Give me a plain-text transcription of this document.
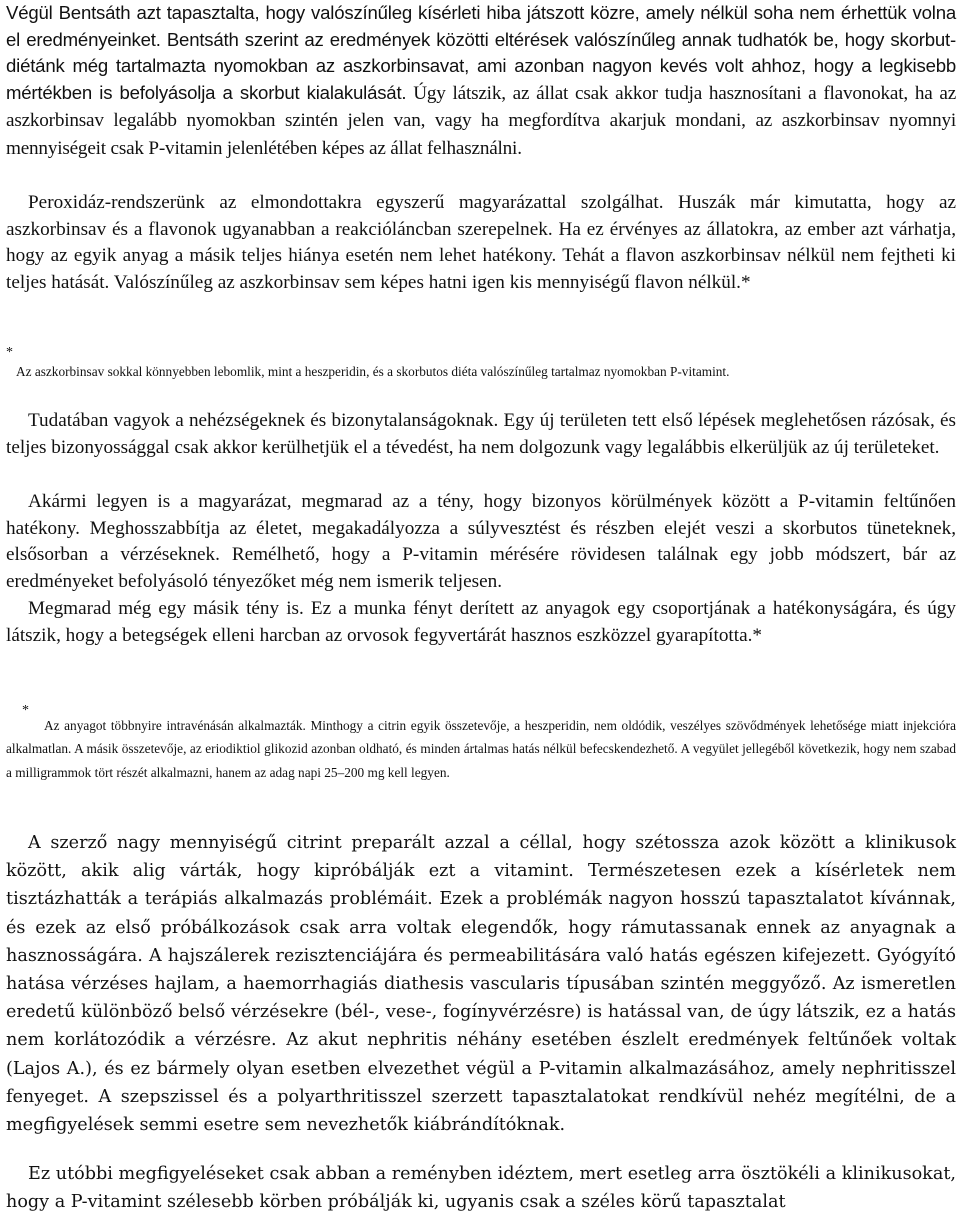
Végül Bentsáth azt tapasztalta, hogy valószínűleg kísérleti hiba játszott közre, amely nélkül soha nem érhettük volna el eredményeinket. Bentsáth szerint az eredmények közötti eltérések valószínűleg annak tudhatók be, hogy skorbut-diétánk még tartalmazta nyomokban az aszkorbinsavat, ami azonban nagyon kevés volt ahhoz, hogy a legkisebb mértékben is befolyásolja a skorbut kialakulását. Úgy látszik, az állat csak akkor tudja hasznosítani a flavonokat, ha az aszkorbinsav legalább nyomokban szintén jelen van, vagy ha megfordítva akarjuk mondani, az aszkorbinsav nyomnyi mennyiségeit csak P-vitamin jelenlétében képes az állat felhasználni.

Peroxidáz-rendszerünk az elmondottakra egyszerű magyarázattal szolgálhat. Huszák már kimutatta, hogy az aszkorbinsav és a flavonok ugyanabban a reakcióláncban szerepelnek. Ha ez érvényes az állatokra, az ember azt várhatja, hogy az egyik anyag a másik teljes hiánya esetén nem lehet hatékony. Tehát a flavon aszkorbinsav nélkül nem fejtheti ki teljes hatását. Valószínűleg az aszkorbinsav sem képes hatni igen kis mennyiségű flavon nélkül.*

*
Az aszkorbinsav sokkal könnyebben lebomlik, mint a heszperidin, és a skorbutos diéta valószínűleg tartalmaz nyomokban P-vitamint.

Tudatában vagyok a nehézségeknek és bizonytalanságoknak. Egy új területen tett első lépések meglehetősen rázósak, és teljes bizonyossággal csak akkor kerülhetjük el a tévedést, ha nem dolgozunk vagy legalábbis elkerüljük az új területeket.

Akármi legyen is a magyarázat, megmarad az a tény, hogy bizonyos körülmények között a P-vitamin feltűnően hatékony. Meghosszabbítja az életet, megakadályozza a súlyvesztést és részben elejét veszi a skorbutos tüneteknek, elsősorban a vérzéseknek. Remélhető, hogy a P-vitamin mérésére rövidesen találnak egy jobb módszert, bár az eredményeket befolyásoló tényezőket még nem ismerik teljesen.

Megmarad még egy másik tény is. Ez a munka fényt derített az anyagok egy csoportjának a hatékonyságára, és úgy látszik, hogy a betegségek elleni harcban az orvosok fegyvertárát hasznos eszközzel gyarapította.*

*
Az anyagot többnyire intravénásán alkalmazták. Minthogy a citrin egyik összetevője, a heszperidin, nem oldódik, veszélyes szövődmények lehetősége miatt injekcióra alkalmatlan. A másik összetevője, az eriodiktiol glikozid azonban oldható, és minden ártalmas hatás nélkül befecskendezhető. A vegyület jellegéből következik, hogy nem szabad a milligrammok tört részét alkalmazni, hanem az adag napi 25–200 mg kell legyen.

A szerző nagy mennyiségű citrint preparált azzal a céllal, hogy szétossza azok között a klinikusok között, akik alig várták, hogy kipróbálják ezt a vitamint. Természetesen ezek a kísérletek nem tisztázhatták a terápiás alkalmazás problémáit. Ezek a problémák nagyon hosszú tapasztalatot kívánnak, és ezek az első próbálkozások csak arra voltak elegendők, hogy rámutassanak ennek az anyagnak a hasznosságára. A hajszálerek rezisztenciájára és permeabilitására való hatás egészen kifejezett. Gyógyító hatása vérzéses hajlam, a haemorrhagiás diathesis vascularis típusában szintén meggyőző. Az ismeretlen eredetű különböző belső vérzésekre (bél-, vese-, fogínyvérzésre) is hatással van, de úgy látszik, ez a hatás nem korlátozódik a vérzésre. Az akut nephritis néhány esetében észlelt eredmények feltűnőek voltak (Lajos A.), és ez bármely olyan esetben elvezethet végül a P-vitamin alkalmazásához, amely nephritisszel fenyeget. A szepszissel és a polyarthritisszel szerzett tapasztalatokat rendkívül nehéz megítélni, de a megfigyelések semmi esetre sem nevezhetők kiábrándítóknak.

Ez utóbbi megfigyeléseket csak abban a reményben idéztem, mert esetleg arra ösztökéli a klinikusokat, hogy a P-vitamint szélesebb körben próbálják ki, ugyanis csak a széles körű tapasztalat
